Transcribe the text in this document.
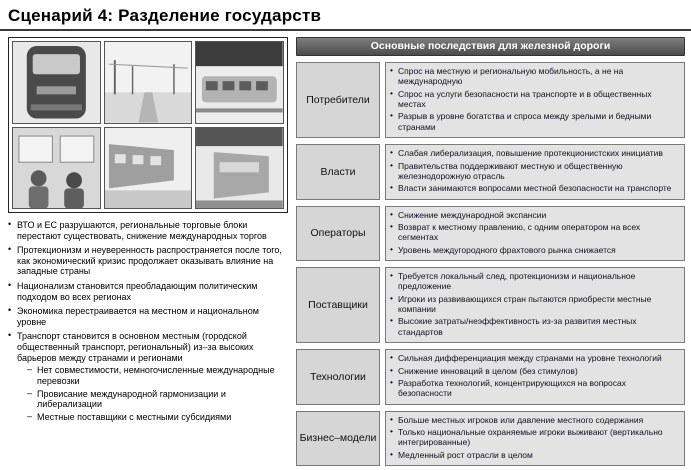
Сценарий 4: Разделение государств
• ВТО и ЕС разрушаются, региональные торговые блоки перестают существовать, снижение международных торгов
• Протекционизм и неуверенность распространяется после того, как экономический кризис продолжает оказывать влияние на западные страны
• Национализм становится преобладающим политическим подходом во всех регионах
• Экономика перестраивается на местном и национальном уровне
• Транспорт становится в основном местным (городской общественный транспорт, региональный) из–за высоких барьеров между странами и регионами
– Нет совместимости, немногочисленные международные перевозки
– Провисание международной гармонизации и либерализации
– Местные поставщики с местными субсидиями
Основные последствия для железной дороги
Потребители
• Спрос на местную и региональную мобильность, а не на международную
• Спрос на услуги безопасности на транспорте и в общественных местах
• Разрыв в уровне богатства и спроса между зрелыми и бедными странами
Власти
• Слабая либерализация, повышение протекционистских инициатив
• Правительства поддерживают местную и общественную железнодорожную отрасль
• Власти занимаются вопросами местной безопасности на транспорте
Операторы
• Снижение международной экспансии
• Возврат к местному правлению, с одним оператором на всех сегментах
• Уровень междугородного фрахтового рынка снижается
Поставщики
• Требуется локальный след, протекционизм и национальное предложение
• Игроки из развивающихся стран пытаются приобрести местные компании
• Высокие затраты/неэффективность из-за развития местных стандартов
Технологии
• Сильная дифференциация между странами на уровне технологий
• Снижение инноваций в целом (без стимулов)
• Разработка технологий, концентрирующихся на вопросах безопасности
Бизнес–модели
• Больше местных игроков или давление местного содержания
• Только национальные охраняемые игроки выживают (вертикально интегрированные)
• Медленный рост отрасли в целом
